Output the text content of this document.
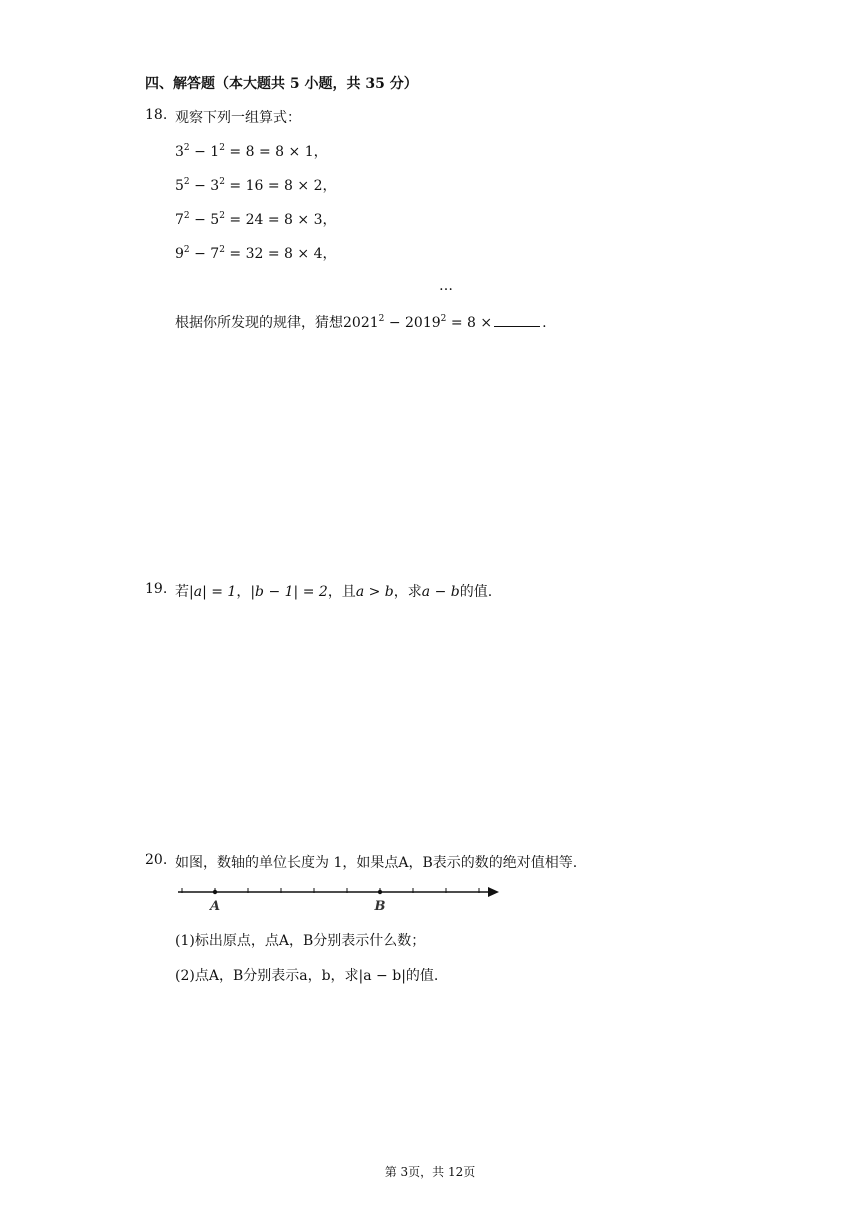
四、解答题（本大题共 5 小题，共 35 分）
18. 观察下列一组算式：
$3^2 - 1^2 = 8 = 8 \times 1$，
$5^2 - 3^2 = 16 = 8 \times 2$，
$7^2 - 5^2 = 24 = 8 \times 3$，
$9^2 - 7^2 = 32 = 8 \times 4$，
…
根据你所发现的规律，猜想$2021^2 - 2019^2 = 8$ ×	.
19. 若|a| = 1，|b − 1| = 2，且a > b，求a − b的值.
20. 如图，数轴的单位长度为 1，如果点A，B表示的数的绝对值相等.
A	B
(1)标出原点，点A，B分别表示什么数；
(2)点A，B分别表示a，b，求|a − b|的值.
第 3页，共 12页
